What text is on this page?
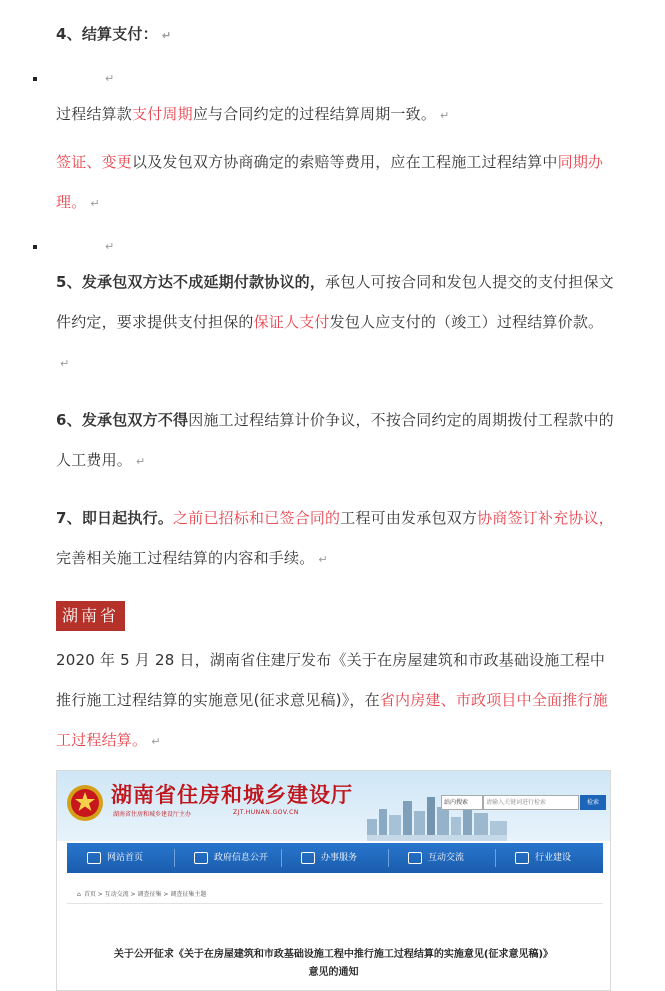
4、结算支付： ↵
↵
过程结算款支付周期应与合同约定的过程结算周期一致。 ↵
签证、变更以及发包双方协商确定的索赔等费用，应在工程施工过程结算中同期办理。 ↵
↵
5、发承包双方达不成延期付款协议的，承包人可按合同和发包人提交的支付担保文件约定，要求提供支付担保的保证人支付发包人应支付的（竣工）过程结算价款。↵
6、发承包双方不得因施工过程结算计价争议，不按合同约定的周期拨付工程款中的人工费用。 ↵
7、即日起执行。之前已招标和已签合同的工程可由发承包双方协商签订补充协议，完善相关施工过程结算的内容和手续。 ↵
湖南省
2020 年 5 月 28 日，湖南省住建厅发布《关于在房屋建筑和市政基础设施工程中推行施工过程结算的实施意见(征求意见稿)》，在省内房建、市政项目中全面推行施工过程结算。 ↵
湖南省住房和城乡建设厅
湖南省住房和城乡建设厅主办	ZJT.HUNAN.GOV.CN
站内搜索	请输入关键词进行检索	检索
网站首页	政府信息公开	办事服务	互动交流	行业建设
⌂ 首页 > 互动交流 > 调查征集 > 调查征集主题
关于公开征求《关于在房屋建筑和市政基础设施工程中推行施工过程结算的实施意见(征求意见稿)》
意见的通知
